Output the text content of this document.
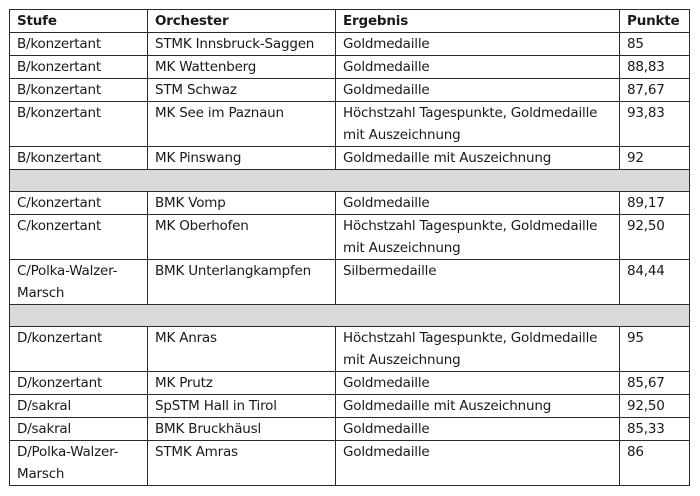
Stufe	Orchester	Ergebnis	Punkte
B/konzertant	STMK Innsbruck-Saggen	Goldmedaille	85
B/konzertant	MK Wattenberg	Goldmedaille	88,83
B/konzertant	STM Schwaz	Goldmedaille	87,67
B/konzertant	MK See im Paznaun	Höchstzahl Tagespunkte, Goldmedaille mit Auszeichnung	93,83
B/konzertant	MK Pinswang	Goldmedaille mit Auszeichnung	92

C/konzertant	BMK Vomp	Goldmedaille	89,17
C/konzertant	MK Oberhofen	Höchstzahl Tagespunkte, Goldmedaille mit Auszeichnung	92,50
C/Polka-Walzer-Marsch	BMK Unterlangkampfen	Silbermedaille	84,44

D/konzertant	MK Anras	Höchstzahl Tagespunkte, Goldmedaille mit Auszeichnung	95
D/konzertant	MK Prutz	Goldmedaille	85,67
D/sakral	SpSTM Hall in Tirol	Goldmedaille mit Auszeichnung	92,50
D/sakral	BMK Bruckhäusl	Goldmedaille	85,33
D/Polka-Walzer-Marsch	STMK Amras	Goldmedaille	86
